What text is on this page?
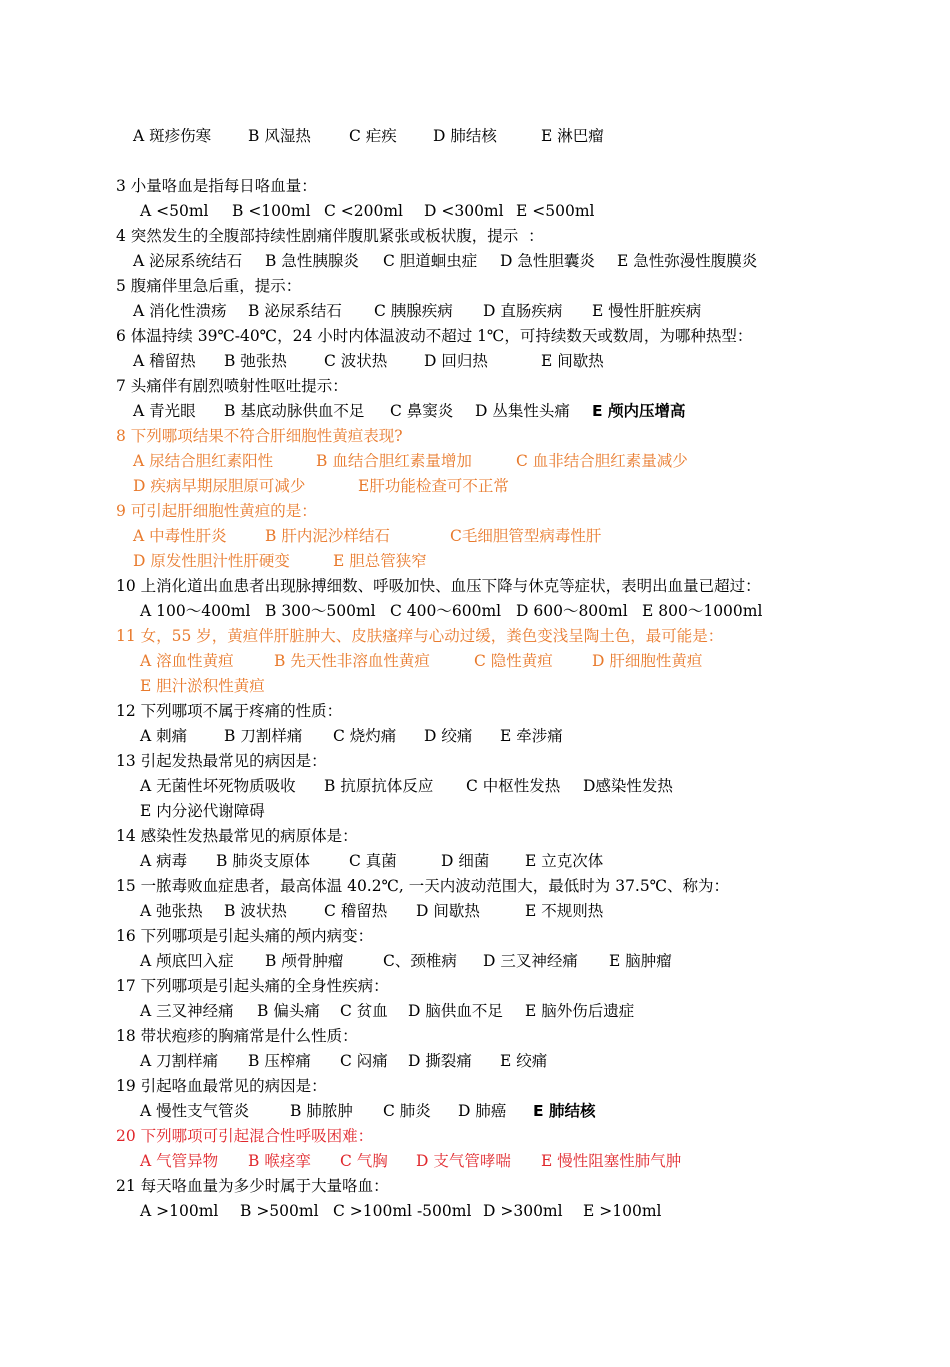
A 斑疹伤寒

B 风湿热

C 疟疾

D 肺结核

	E 淋巴瘤

3 小量咯血是指每日咯血量：

A <50ml

B <100ml

C <200ml

D <300ml

E <500ml

4 突然发生的全腹部持续性剧痛伴腹肌紧张或板状腹，提示  ：

A 泌尿系统结石

B 急性胰腺炎

C 胆道蛔虫症

D 急性胆囊炎

E 急性弥漫性腹膜炎

5 腹痛伴里急后重，提示：

A 消化性溃疡

B 泌尿系结石

C 胰腺疾病

D 直肠疾病

E 慢性肝脏疾病

6 体温持续 39℃-40℃，24 小时内体温波动不超过 1℃，可持续数天或数周，为哪种热型：

A 稽留热

B 弛张热

C 波状热

D 回归热

	E 间歇热

7 头痛伴有剧烈喷射性呕吐提示：

A 青光眼

B 基底动脉供血不足

C 鼻窦炎

D 丛集性头痛

E 颅内压增高

8 下列哪项结果不符合肝细胞性黄疸表现?

A 尿结合胆红素阳性

	B 血结合胆红素量增加

	C 血非结合胆红素量减少

D 疾病早期尿胆原可减少

	E肝功能检查可不正常

9 可引起肝细胞性黄疸的是：

A 中毒性肝炎

B 肝内泥沙样结石

	C毛细胆管型病毒性肝

D 原发性胆汁性肝硬变

	E 胆总管狭窄

10 上消化道出血患者出现脉搏细数、呼吸加快、血压下降与休克等症状，表明出血量已超过：

A 100～400ml

B 300～500ml

C 400～600ml

D 600～800ml

E 800～1000ml

11 女，55 岁，黄疸伴肝脏肿大、皮肤瘙痒与心动过缓，粪色变浅呈陶土色，最可能是：

A 溶血性黄疸

	B 先天性非溶血性黄疸

	C 隐性黄疸

	D 肝细胞性黄疸

E 胆汁淤积性黄疸

12 下列哪项不属于疼痛的性质：

A 刺痛

B 刀割样痛

C 烧灼痛

D 绞痛

E 牵涉痛

13 引起发热最常见的病因是：

A 无菌性坏死物质吸收

B 抗原抗体反应

C 中枢性发热

D感染性发热

E 内分泌代谢障碍

14 感染性发热最常见的病原体是：

A 病毒

B 肺炎支原体

	C 真菌

	D 细菌

E 立克次体

15 一脓毒败血症患者，最高体温 40.2℃, 一天内波动范围大，最低时为 37.5℃、称为：

A 弛张热

B 波状热

C 稽留热

D 间歇热

	E 不规则热

16 下列哪项是引起头痛的颅内病变：

A 颅底凹入症

B 颅骨肿瘤

	C、颈椎病

D 三叉神经痛

E 脑肿瘤

17 下列哪项是引起头痛的全身性疾病：

A 三叉神经痛

B 偏头痛

C 贫血

D 脑供血不足

E 脑外伤后遗症

18 带状疱疹的胸痛常是什么性质：

A 刀割样痛

B 压榨痛

C 闷痛

D 撕裂痛

E 绞痛

19 引起咯血最常见的病因是：

A 慢性支气管炎

	B 肺脓肿

C 肺炎

D 肺癌

E 肺结核

20 下列哪项可引起混合性呼吸困难：

A 气管异物

B 喉痉挛

C 气胸

D 支气管哮喘

E 慢性阻塞性肺气肿

21 每天咯血量为多少时属于大量咯血：

A >100ml

B >500ml

C >100ml -500ml

D >300ml

E >100ml
